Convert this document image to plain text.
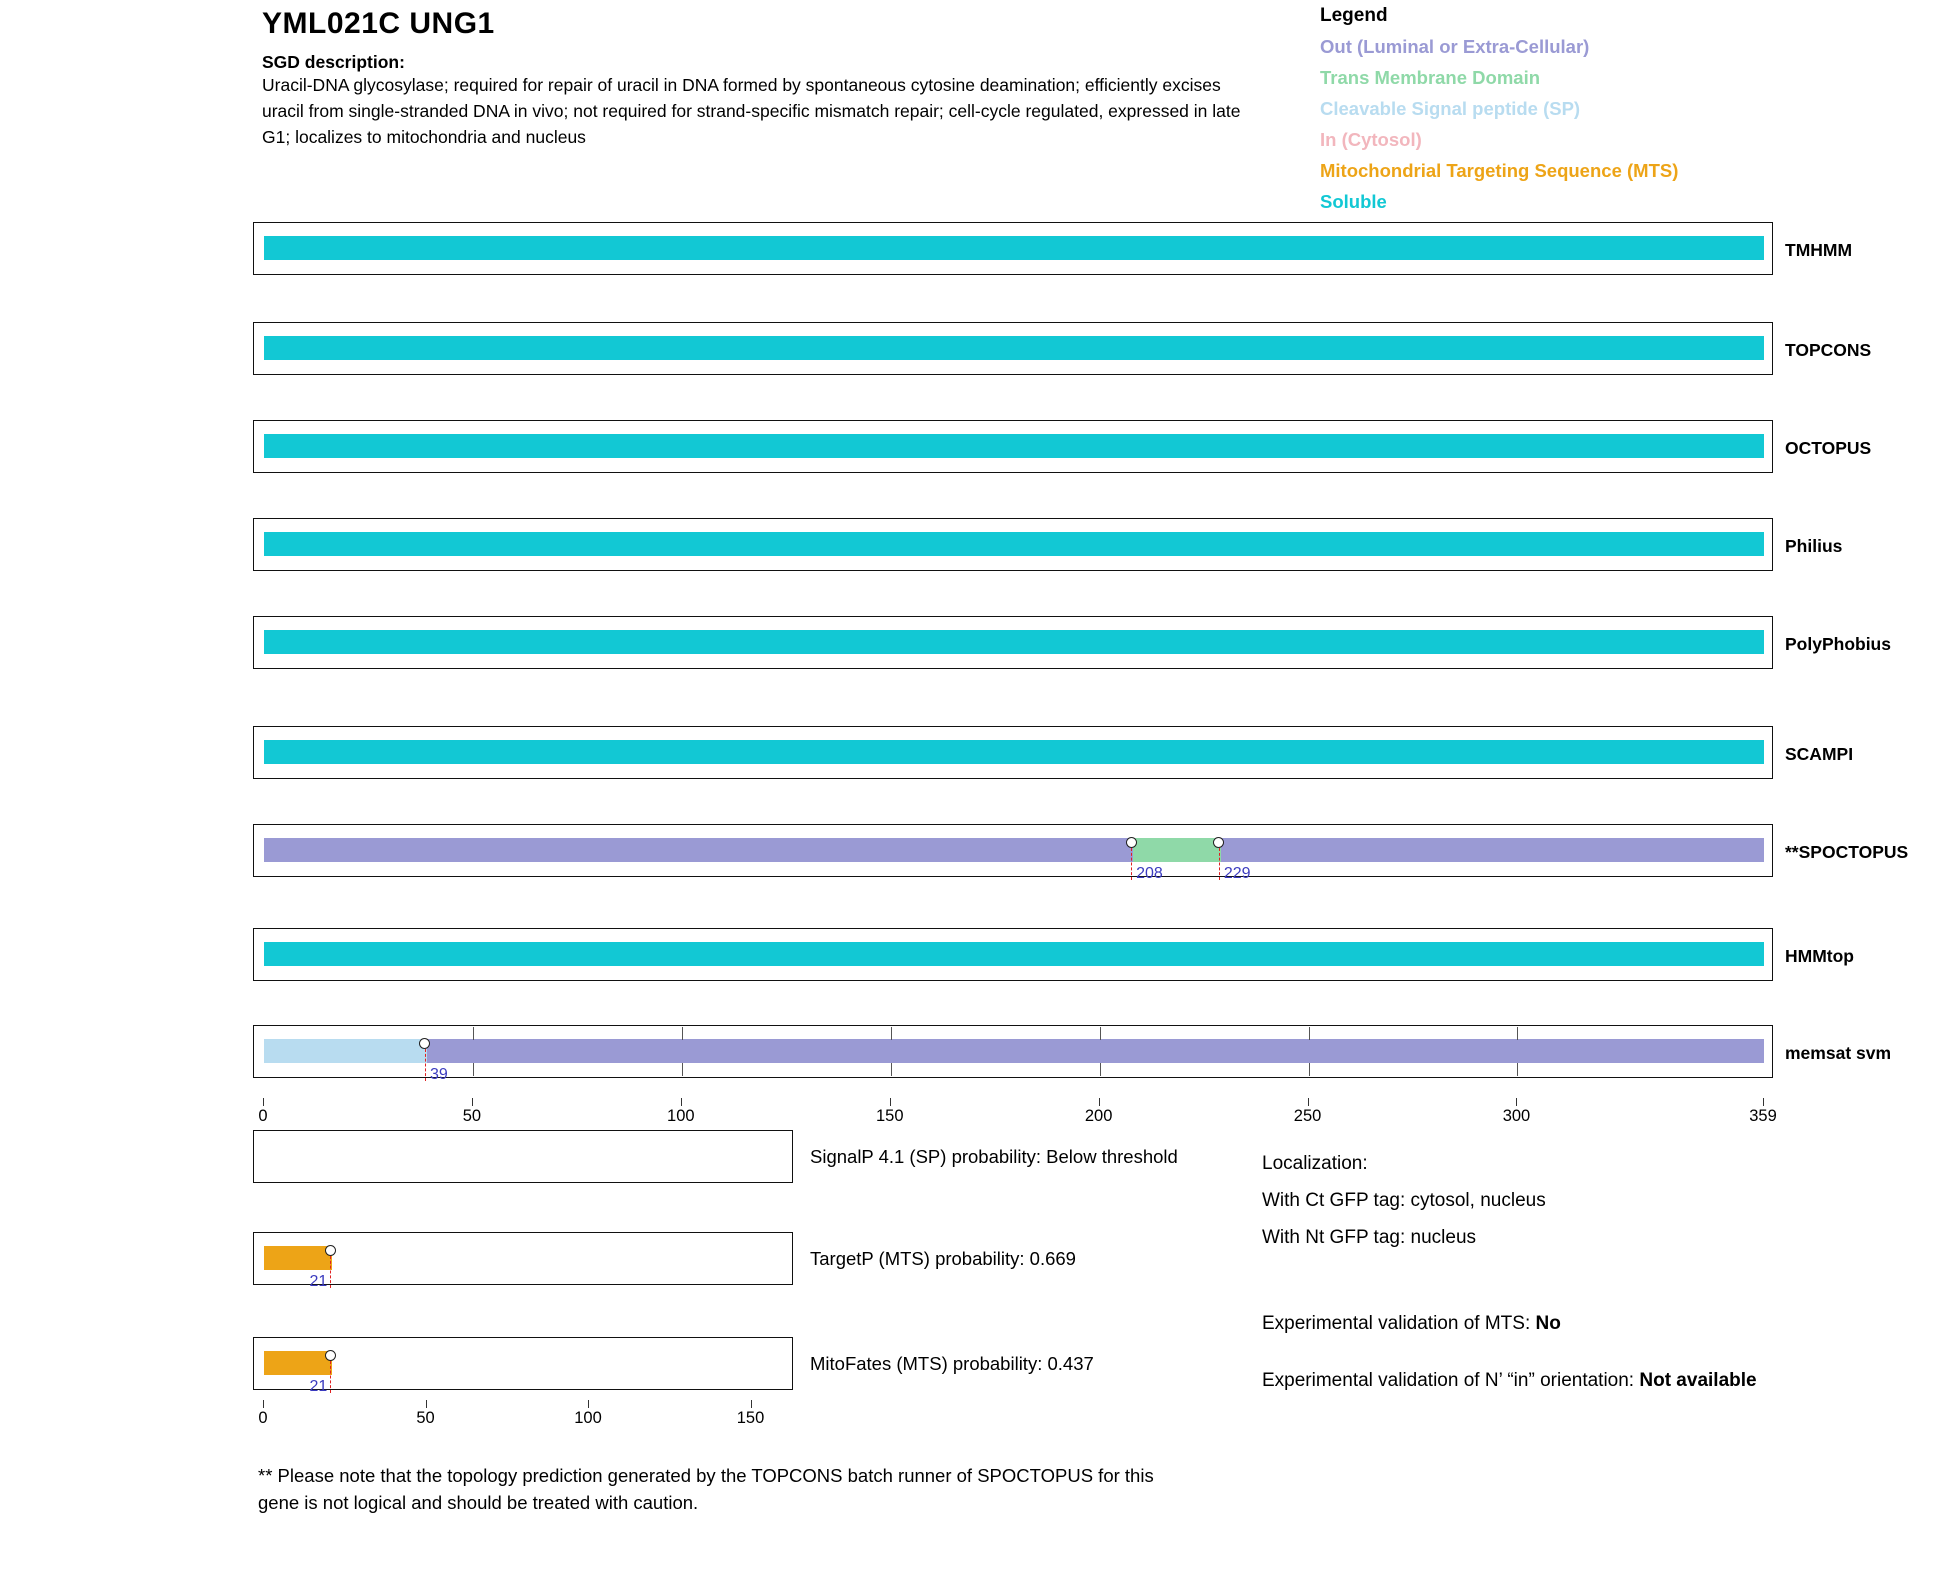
YML021C UNG1
SGD description:
Uracil-DNA glycosylase; required for repair of uracil in DNA formed by spontaneous cytosine deamination; efficiently excises uracil from single-stranded DNA in vivo; not required for strand-specific mismatch repair; cell-cycle regulated, expressed in late G1; localizes to mitochondria and nucleus
Legend
Out (Luminal or Extra-Cellular)
Trans Membrane Domain
Cleavable Signal peptide (SP)
In (Cytosol)
Mitochondrial Targeting Sequence (MTS)
Soluble
TMHMM
TOPCONS
OCTOPUS
Philius
PolyPhobius
SCAMPI
208	229
**SPOCTOPUS
HMMtop
39
memsat svm
0	50	100	150	200	250	300	359
SignalP 4.1 (SP) probability: Below threshold
21
TargetP (MTS) probability: 0.669
21
MitoFates (MTS) probability: 0.437
0	50	100	150
Localization:
With Ct GFP tag: cytosol, nucleus
With Nt GFP tag: nucleus
Experimental validation of MTS: No
Experimental validation of N’ “in” orientation: Not available
** Please note that the topology prediction generated by the TOPCONS batch runner of SPOCTOPUS for this gene is not logical and should be treated with caution.
